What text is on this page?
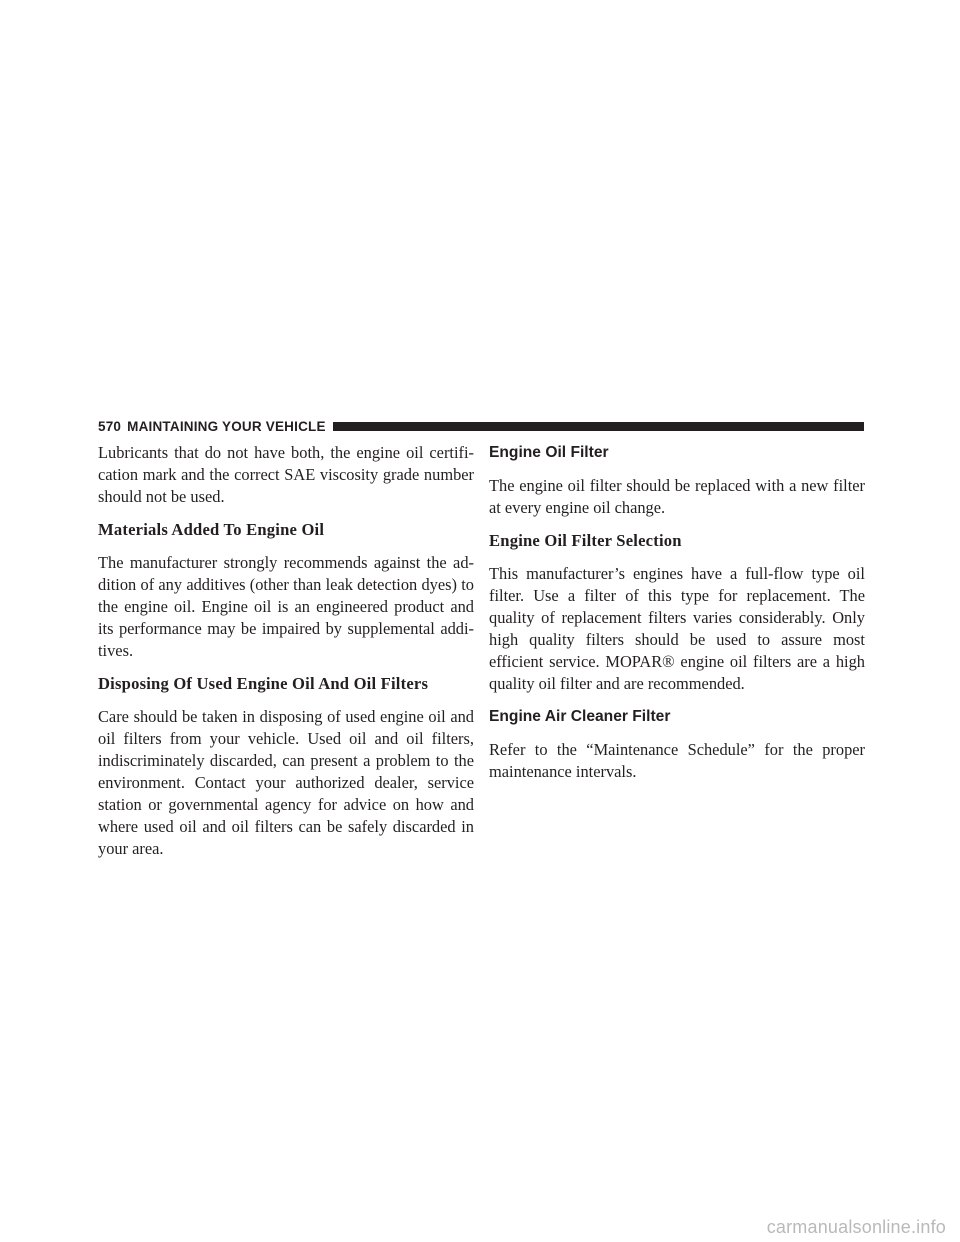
570 MAINTAINING YOUR VEHICLE

Lubricants that do not have both, the engine oil certifi- cation mark and the correct SAE viscosity grade number should not be used.

Materials Added To Engine Oil

The manufacturer strongly recommends against the ad- dition of any additives (other than leak detection dyes) to the engine oil. Engine oil is an engineered product and its performance may be impaired by supplemental addi- tives.

Disposing Of Used Engine Oil And Oil Filters

Care should be taken in disposing of used engine oil and oil filters from your vehicle. Used oil and oil filters, indiscriminately discarded, can present a problem to the environment. Contact your authorized dealer, service station or governmental agency for advice on how and where used oil and oil filters can be safely discarded in your area.

Engine Oil Filter

The engine oil filter should be replaced with a new filter at every engine oil change.

Engine Oil Filter Selection

This manufacturer’s engines have a full-flow type oil filter. Use a filter of this type for replacement. The quality of replacement filters varies considerably. Only high quality filters should be used to assure most efficient service. MOPAR® engine oil filters are a high quality oil filter and are recommended.

Engine Air Cleaner Filter

Refer to the “Maintenance Schedule” for the proper maintenance intervals.

carmanualsonline.info
